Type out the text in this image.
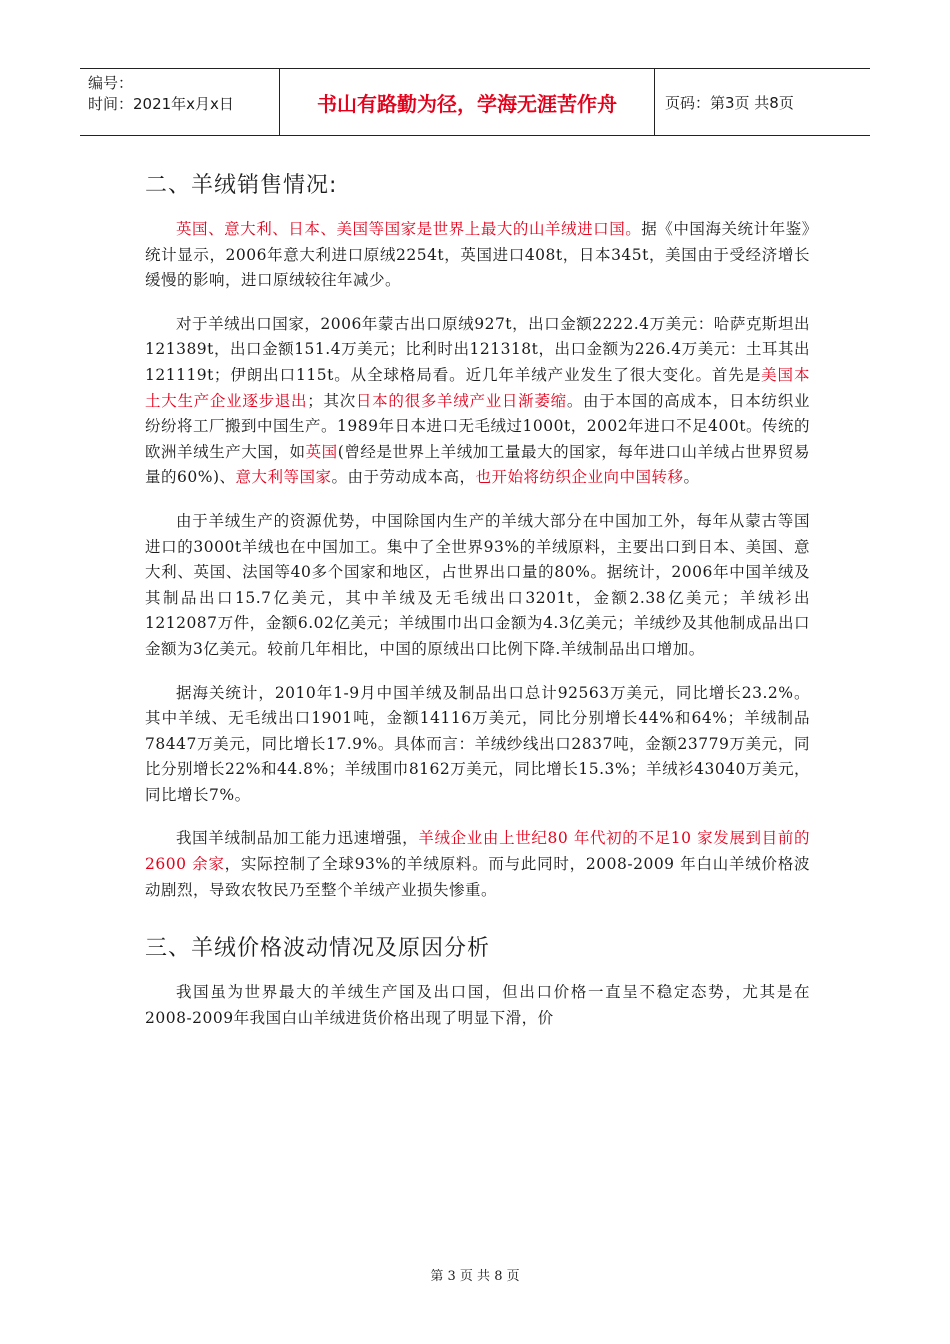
编号：
时间：2021年x月x日	书山有路勤为径，学海无涯苦作舟	页码：第3页 共8页
二、羊绒销售情况:

英国、意大利、日本、美国等国家是世界上最大的山羊绒进口国。据《中国海关统计年鉴》统计显示，2006年意大利进口原绒2254t，英国进口408t，日本345t，美国由于受经济增长缓慢的影响，进口原绒较往年减少。

对于羊绒出口国家，2006年蒙古出口原绒927t，出口金额2222.4万美元：哈萨克斯坦出121389t，出口金额151.4万美元；比利时出121318t，出口金额为226.4万美元：土耳其出121119t；伊朗出口115t。从全球格局看。近几年羊绒产业发生了很大变化。首先是美国本土大生产企业逐步退出；其次日本的很多羊绒产业日渐萎缩。由于本国的高成本，日本纺织业纷纷将工厂搬到中国生产。1989年日本进口无毛绒过1000t，2002年进口不足400t。传统的欧洲羊绒生产大国，如英国(曾经是世界上羊绒加工量最大的国家，每年进口山羊绒占世界贸易量的60%)、意大利等国家。由于劳动成本高，也开始将纺织企业向中国转移。

由于羊绒生产的资源优势，中国除国内生产的羊绒大部分在中国加工外，每年从蒙古等国进口的3000t羊绒也在中国加工。集中了全世界93%的羊绒原料，主要出口到日本、美国、意大利、英国、法国等40多个国家和地区，占世界出口量的80%。据统计，2006年中国羊绒及其制品出口15.7亿美元，其中羊绒及无毛绒出口3201t，金额2.38亿美元；羊绒衫出1212087万件，金额6.02亿美元；羊绒围巾出口金额为4.3亿美元；羊绒纱及其他制成品出口金额为3亿美元。较前几年相比，中国的原绒出口比例下降.羊绒制品出口增加。

据海关统计，2010年1-9月中国羊绒及制品出口总计92563万美元，同比增长23.2%。其中羊绒、无毛绒出口1901吨，金额14116万美元，同比分别增长44%和64%；羊绒制品78447万美元，同比增长17.9%。具体而言：羊绒纱线出口2837吨，金额23779万美元，同比分别增长22%和44.8%；羊绒围巾8162万美元，同比增长15.3%；羊绒衫43040万美元，同比增长7%。

我国羊绒制品加工能力迅速增强，羊绒企业由上世纪80 年代初的不足10 家发展到目前的2600 余家，实际控制了全球93%的羊绒原料。而与此同时，2008-2009 年白山羊绒价格波动剧烈，导致农牧民乃至整个羊绒产业损失惨重。

三、羊绒价格波动情况及原因分析

我国虽为世界最大的羊绒生产国及出口国，但出口价格一直呈不稳定态势，尤其是在2008-2009年我国白山羊绒进货价格出现了明显下滑，价

第 3 页 共 8 页
